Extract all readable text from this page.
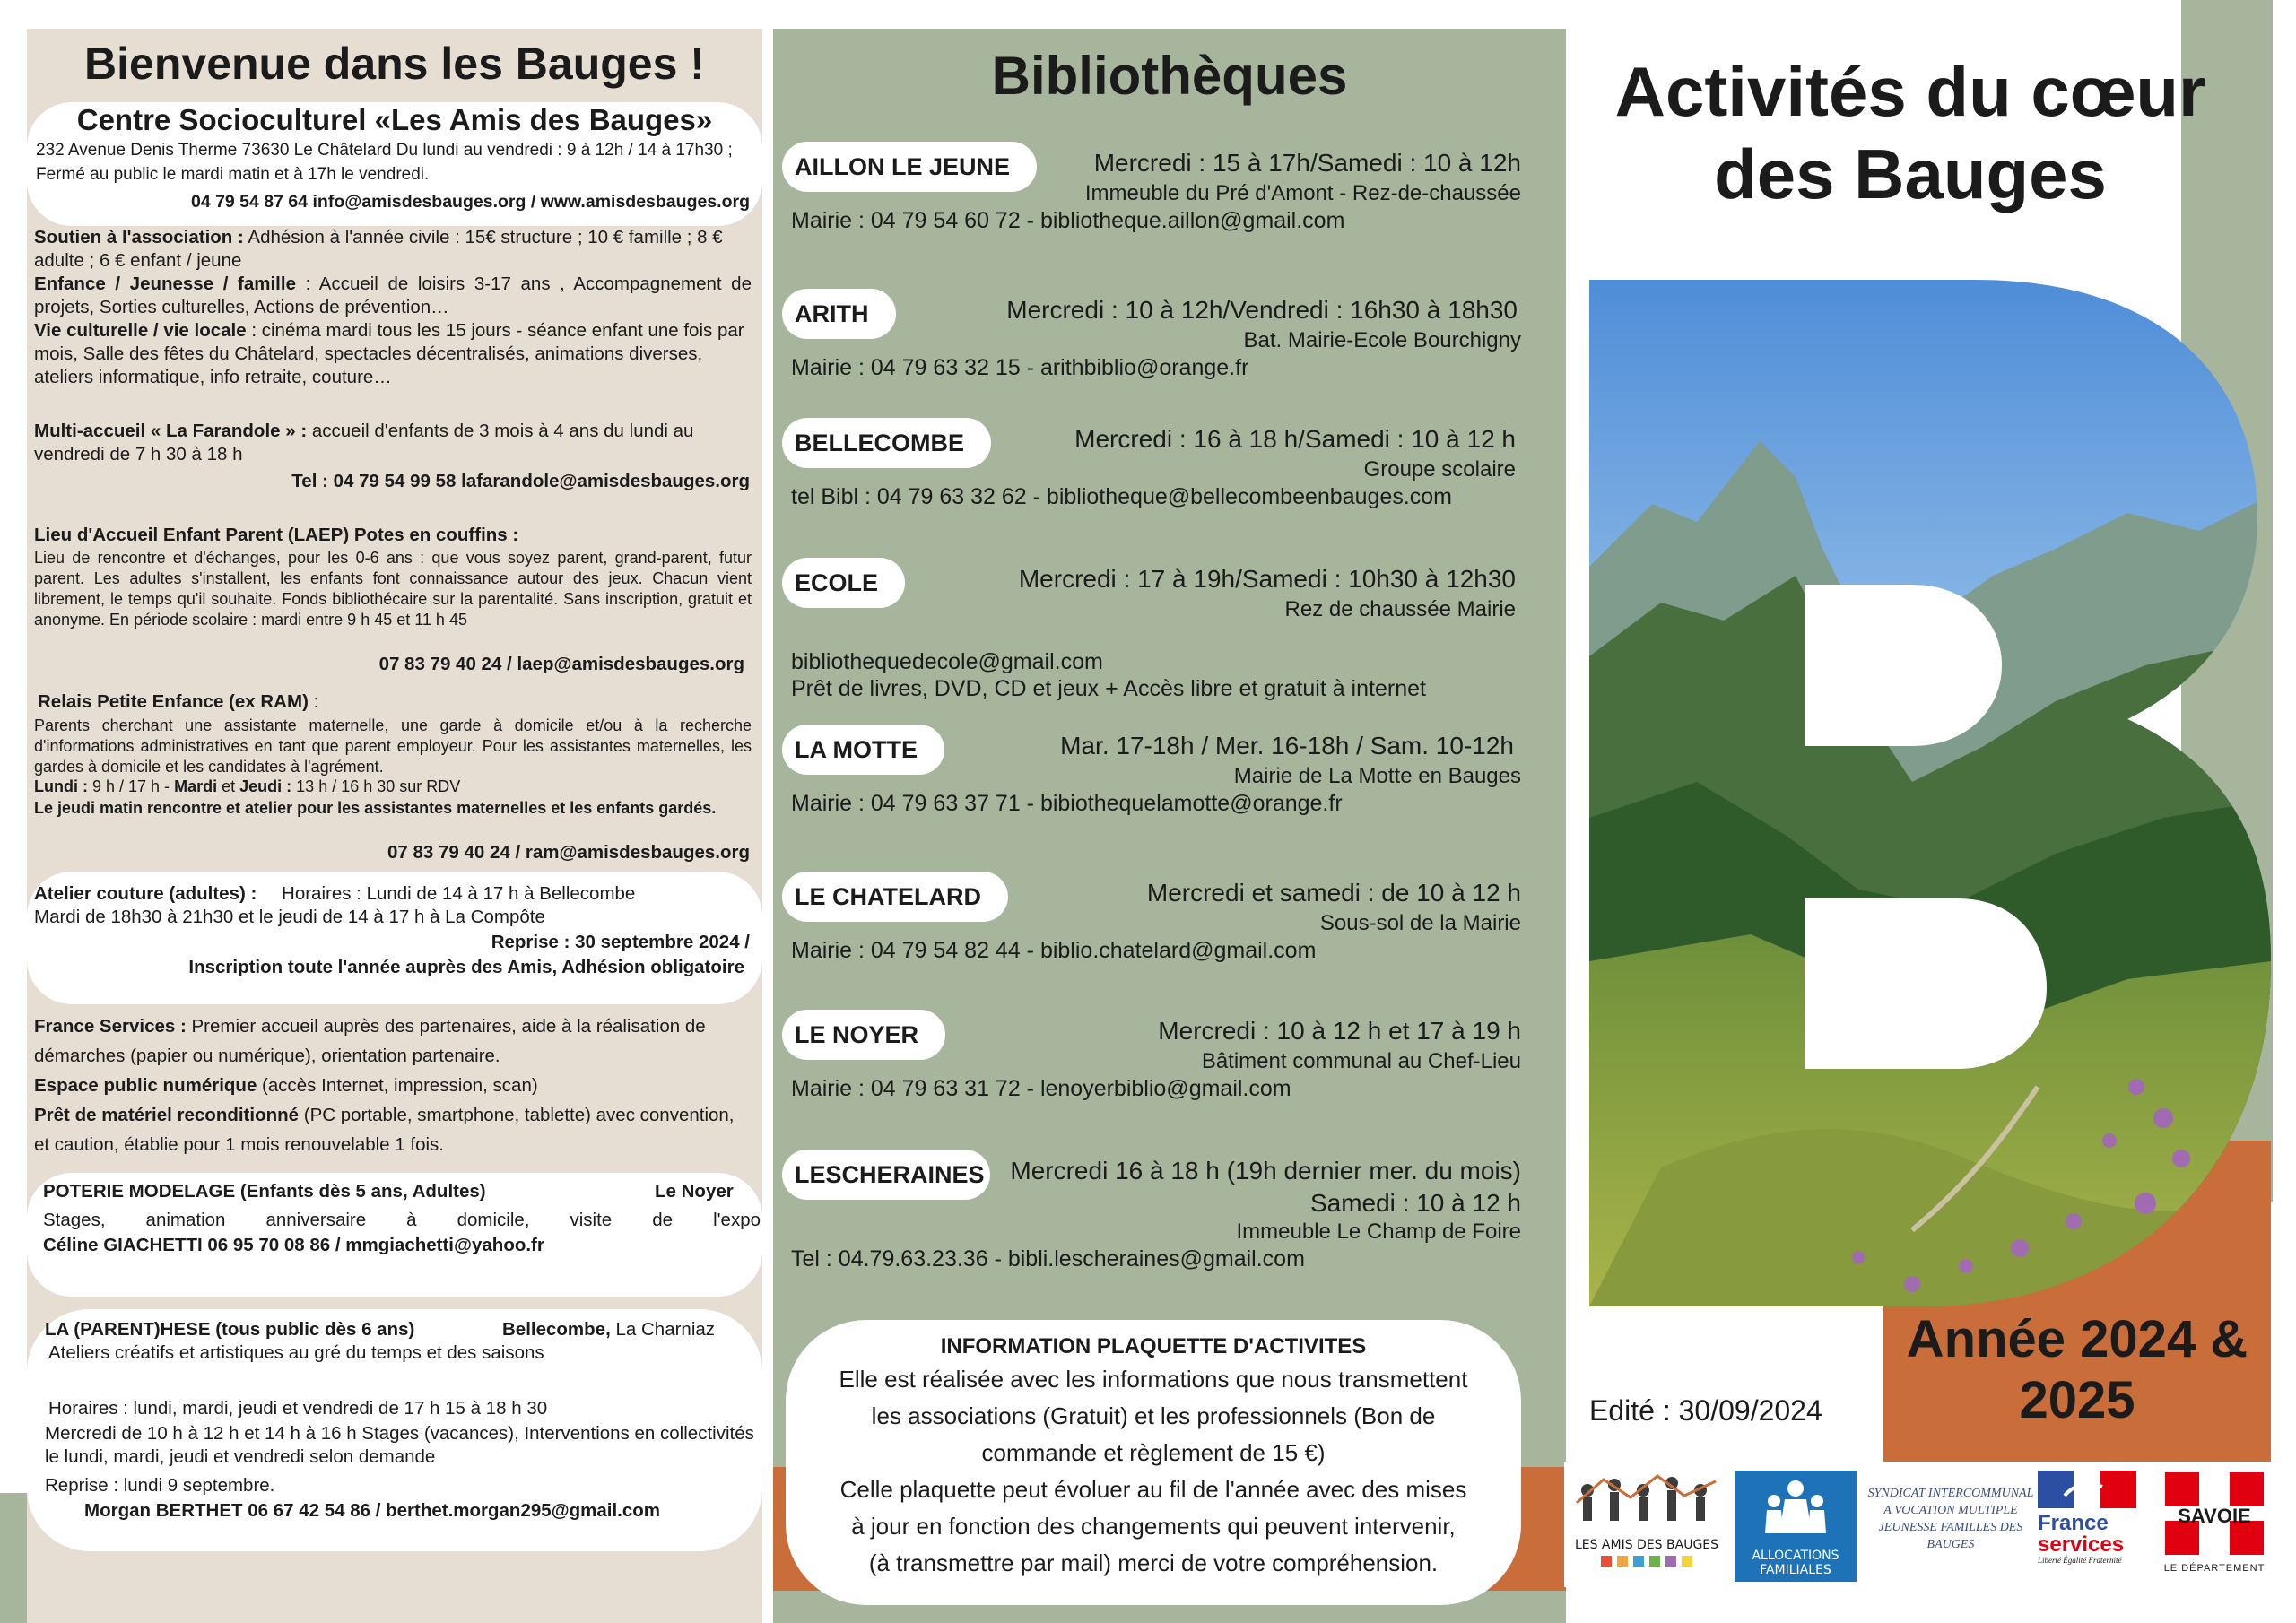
Bienvenue dans les Bauges !
Centre Socioculturel «Les Amis des Bauges»
232 Avenue Denis Therme 73630 Le Châtelard Du lundi au vendredi : 9 à 12h / 14 à 17h30 ; Fermé au public le mardi matin et à 17h le vendredi.
04 79 54 87 64 info@amisdesbauges.org / www.amisdesbauges.org
Soutien à l'association : Adhésion à l'année civile : 15€ structure ; 10 € famille ; 8 € adulte ; 6 € enfant / jeune
Enfance / Jeunesse / famille : Accueil de loisirs 3-17 ans , Accompagnement de projets, Sorties culturelles, Actions de prévention…
Vie culturelle / vie locale : cinéma mardi tous les 15 jours - séance enfant une fois par mois, Salle des fêtes du Châtelard, spectacles décentralisés, animations diverses, ateliers informatique, info retraite, couture…
Multi-accueil « La Farandole » : accueil d'enfants de 3 mois à 4 ans du lundi au vendredi de 7 h 30 à 18 h
Tel : 04 79 54 99 58 lafarandole@amisdesbauges.org
Lieu d'Accueil Enfant Parent (LAEP) Potes en couffins :
Lieu de rencontre et d'échanges, pour les 0-6 ans : que vous soyez parent, grand-parent, futur parent. Les adultes s'installent, les enfants font connaissance autour des jeux. Chacun vient librement, le temps qu'il souhaite. Fonds bibliothécaire sur la parentalité. Sans inscription, gratuit et anonyme. En période scolaire : mardi entre 9 h 45 et 11 h 45
07 83 79 40 24 / laep@amisdesbauges.org
Relais Petite Enfance (ex RAM) :
Parents cherchant une assistante maternelle, une garde à domicile et/ou à la recherche d'informations administratives en tant que parent employeur. Pour les assistantes maternelles, les gardes à domicile et les candidates à l'agrément.
Lundi : 9 h / 17 h - Mardi et Jeudi : 13 h / 16 h 30 sur RDV
Le jeudi matin rencontre et atelier pour les assistantes maternelles et les enfants gardés.
07 83 79 40 24 / ram@amisdesbauges.org
Atelier couture (adultes) : Horaires : Lundi de 14 à 17 h à Bellecombe
Mardi de 18h30 à 21h30 et le jeudi de 14 à 17 h à La Compôte
Reprise : 30 septembre 2024 /
Inscription toute l'année auprès des Amis, Adhésion obligatoire
France Services : Premier accueil auprès des partenaires, aide à la réalisation de démarches (papier ou numérique), orientation partenaire.
Espace public numérique (accès Internet, impression, scan)
Prêt de matériel reconditionné (PC portable, smartphone, tablette) avec convention, et caution, établie pour 1 mois renouvelable 1 fois.
POTERIE MODELAGE (Enfants dès 5 ans, Adultes)	Le Noyer
Stages, animation anniversaire à domicile, visite de l'expo
Céline GIACHETTI 06 95 70 08 86 / mmgiachetti@yahoo.fr
LA (PARENT)HESE (tous public dès 6 ans)	Bellecombe, La Charniaz
Ateliers créatifs et artistiques au gré du temps et des saisons
Horaires : lundi, mardi, jeudi et vendredi de 17 h 15 à 18 h 30
Mercredi de 10 h à 12 h et 14 h à 16 h Stages (vacances), Interventions en collectivités le lundi, mardi, jeudi et vendredi selon demande
Reprise : lundi 9 septembre.
Morgan BERTHET 06 67 42 54 86 / berthet.morgan295@gmail.com
Bibliothèques
AILLON LE JEUNE	Mercredi : 15 à 17h/Samedi : 10 à 12h
Immeuble du Pré d'Amont - Rez-de-chaussée
Mairie : 04 79 54 60 72 - bibliotheque.aillon@gmail.com
ARITH	Mercredi : 10 à 12h/Vendredi : 16h30 à 18h30
Bat. Mairie-Ecole Bourchigny
Mairie : 04 79 63 32 15 - arithbiblio@orange.fr
BELLECOMBE	Mercredi : 16 à 18 h/Samedi : 10 à 12 h
Groupe scolaire
tel Bibl : 04 79 63 32 62 - bibliotheque@bellecombeenbauges.com
ECOLE	Mercredi : 17 à 19h/Samedi : 10h30 à 12h30
Rez de chaussée Mairie
bibliothequedecole@gmail.com
Prêt de livres, DVD, CD et jeux + Accès libre et gratuit à internet
LA MOTTE	Mar. 17-18h / Mer. 16-18h / Sam. 10-12h
Mairie de La Motte en Bauges
Mairie : 04 79 63 37 71 - bibiothequelamotte@orange.fr
LE CHATELARD	Mercredi et samedi : de 10 à 12 h
Sous-sol de la Mairie
Mairie : 04 79 54 82 44 - biblio.chatelard@gmail.com
LE NOYER	Mercredi : 10 à 12 h et 17 à 19 h
Bâtiment communal au Chef-Lieu
Mairie : 04 79 63 31 72 - lenoyerbiblio@gmail.com
LESCHERAINES Mercredi 16 à 18 h (19h dernier mer. du mois)
Samedi : 10 à 12 h
Immeuble Le Champ de Foire
Tel : 04.79.63.23.36 - bibli.lescheraines@gmail.com
INFORMATION PLAQUETTE D'ACTIVITES
Elle est réalisée avec les informations que nous transmettent
les associations (Gratuit) et les professionnels (Bon de
commande et règlement de 15 €)
Celle plaquette peut évoluer au fil de l'année avec des mises
à jour en fonction des changements qui peuvent intervenir,
(à transmettre par mail) merci de votre compréhension.
Activités du cœur
des Bauges
Année 2024 &
2025
Edité : 30/09/2024
LES AMIS DES BAUGES
ALLOCATIONS
FAMILIALES
SYNDICAT INTERCOMMUNAL A VOCATION MULTIPLE JEUNESSE FAMILLES DES BAUGES
France
services
Liberté Égalité Fraternité
SAVOIE
LE DÉPARTEMENT
